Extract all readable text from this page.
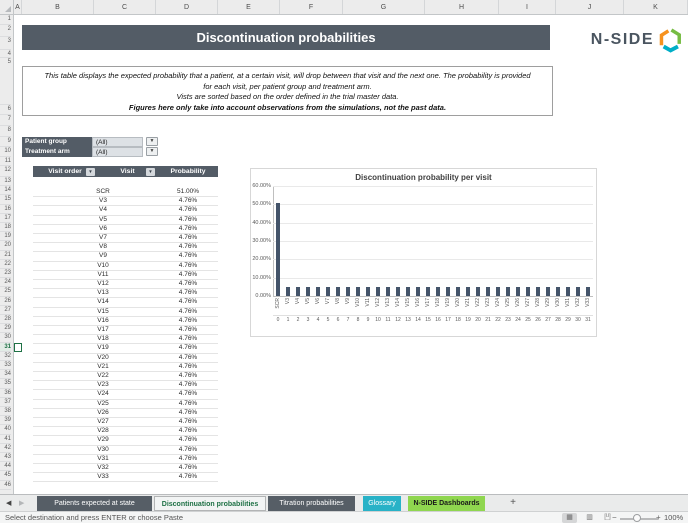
A	B	C	D	E	F	G	H	I	J	K
1
2
3
4
5
6
7
8
9
10
11
12
13
14
15
16
17
18
19
20
21
22
23
24
25
26
27
28
29
30
31
32
33
34
35
36
37
38
39
40
41
42
43
44
45
46
Discontinuation probabilities	N-SIDE
This table displays the expected probability that a patient, at a certain visit, will drop between that visit and the next one. The probability is provided
for each visit, per patient group and treatment arm.
Vists are sorted based on the order defined in the trial master data.
Figures here only take into account observations from the simulations, not the past data.
Patient group	(All)	▼
Treatment arm	(All)	▼
Visit order	▼	Visit	▼	Probability
SCR	51.00%
V3	4.76%
V4	4.76%
V5	4.76%
V6	4.76%
V7	4.76%
V8	4.76%
V9	4.76%
V10	4.76%
V11	4.76%
V12	4.76%
V13	4.76%
V14	4.76%
V15	4.76%
V16	4.76%
V17	4.76%
V18	4.76%
V19	4.76%
V20	4.76%
V21	4.76%
V22	4.76%
V23	4.76%
V24	4.76%
V25	4.76%
V26	4.76%
V27	4.76%
V28	4.76%
V29	4.76%
V30	4.76%
V31	4.76%
V32	4.76%
V33	4.76%
Discontinuation probability per visit
60.00%
50.00%
40.00%
30.00%
20.00%
10.00%
0.00%
SCR
0
V3
1
V4
2
V5
3
V6
4
V7
5
V8
6
V9
7
V10
8
V11
9
V12
10
V13
11
V14
12
V15
13
V16
14
V17
15
V18
16
V19
17
V20
18
V21
19
V22
20
V23
21
V24
22
V25
23
V26
24
V27
25
V28
26
V29
27
V30
28
V31
29
V32
30
V33
31
◀ ▶	+
Patients expected at state	Discontinuation probabilities	Titration probabilities	Glossary	N-SIDE Dashboards
Select destination and press ENTER or choose Paste	▦	▥	凹 −	+ 100%
